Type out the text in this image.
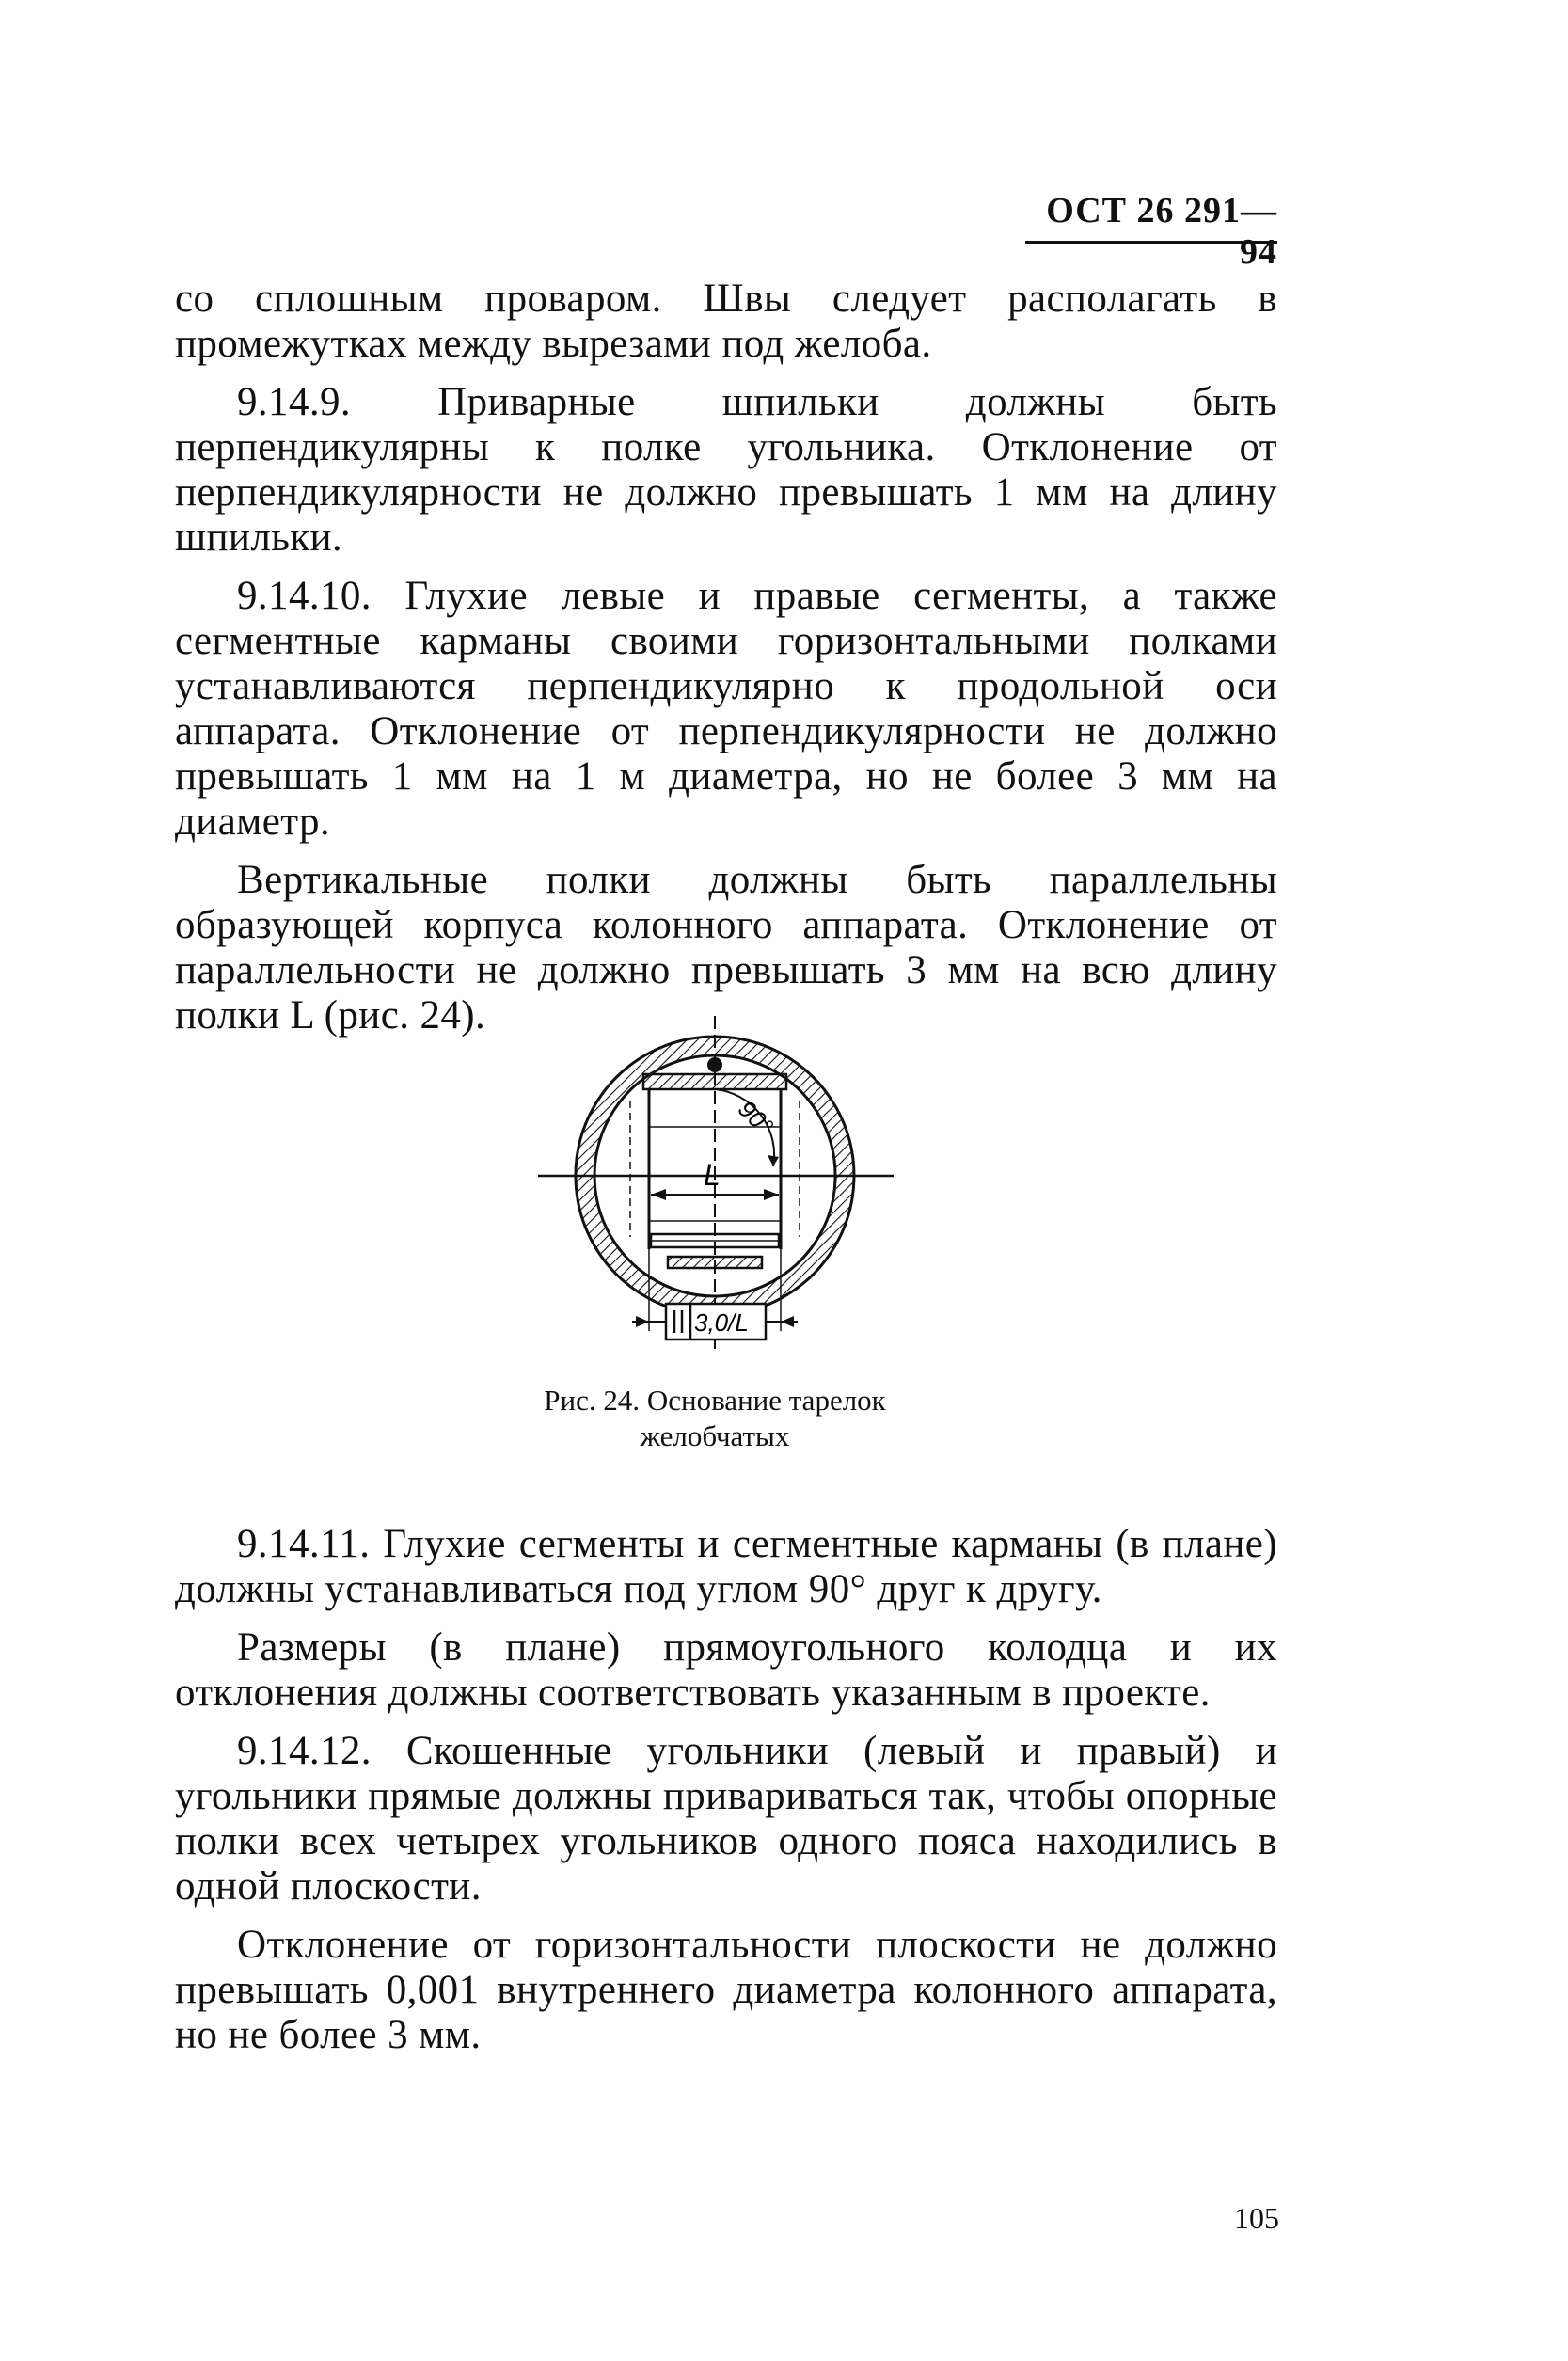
ОСТ 26 291—94

со сплошным проваром. Швы следует располагать в промежутках между вырезами под желоба.

9.14.9. Приварные шпильки должны быть перпендикулярны к полке угольника. Отклонение от перпендикулярности не должно превышать 1 мм на длину шпильки.

9.14.10. Глухие левые и правые сегменты, а также сегментные карманы своими горизонтальными полками устанавливаются перпендикулярно к продольной оси аппарата. Отклонение от перпендикулярности не должно превышать 1 мм на 1 м диаметра, но не более 3 мм на диаметр.

Вертикальные полки должны быть параллельны образующей корпуса колонного аппарата. Отклонение от параллельности не должно превышать 3 мм на всю длину полки L (рис. 24).

90°
L
3,0/L
Рис. 24. Основание тарелок
желобчатых

9.14.11. Глухие сегменты и сегментные карманы (в плане) должны устанавливаться под углом 90° друг к другу.

Размеры (в плане) прямоугольного колодца и их отклонения должны соответствовать указанным в проекте.

9.14.12. Скошенные угольники (левый и правый) и угольники прямые должны привариваться так, чтобы опорные полки всех четырех угольников одного пояса находились в одной плоскости.

Отклонение от горизонтальности плоскости не должно превышать 0,001 внутреннего диаметра колонного аппарата, но не более 3 мм.

105
